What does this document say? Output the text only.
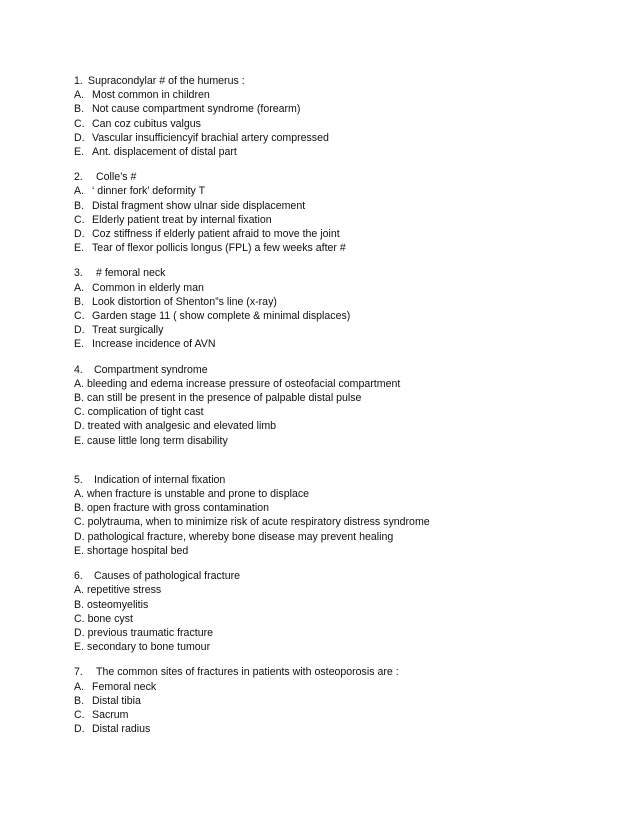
1. Supracondylar # of the humerus :
A. Most common in children
B. Not cause compartment syndrome (forearm)
C. Can coz cubitus valgus
D. Vascular insufficiencyif brachial artery compressed
E. Ant. displacement of distal part
2.	Colle’s #
A. ‘ dinner fork’ deformity T
B. Distal fragment show ulnar side displacement
C. Elderly patient treat by internal fixation
D. Coz stiffness if elderly patient afraid to move the joint
E. Tear of flexor pollicis longus (FPL) a few weeks after #
3.	# femoral neck
A. Common in elderly man
B. Look distortion of Shenton”s line (x-ray)
C. Garden stage 11 ( show complete & minimal displaces)
D. Treat surgically
E. Increase incidence of AVN
4.	Compartment syndrome
A. bleeding and edema increase pressure of osteofacial compartment
B. can still be present in the presence of palpable distal pulse
C. complication of tight cast
D. treated with analgesic and elevated limb
E. cause little long term disability
5.	Indication of internal fixation
A. when fracture is unstable and prone to displace
B. open fracture with gross contamination
C. polytrauma, when to minimize risk of acute respiratory distress syndrome
D. pathological fracture, whereby bone disease may prevent healing
E. shortage hospital bed
6.	Causes of pathological fracture
A. repetitive stress
B. osteomyelitis
C. bone cyst
D. previous traumatic fracture
E. secondary to bone tumour
7.	The common sites of fractures in patients with osteoporosis are :
A. Femoral neck
B. Distal tibia
C. Sacrum
D. Distal radius
